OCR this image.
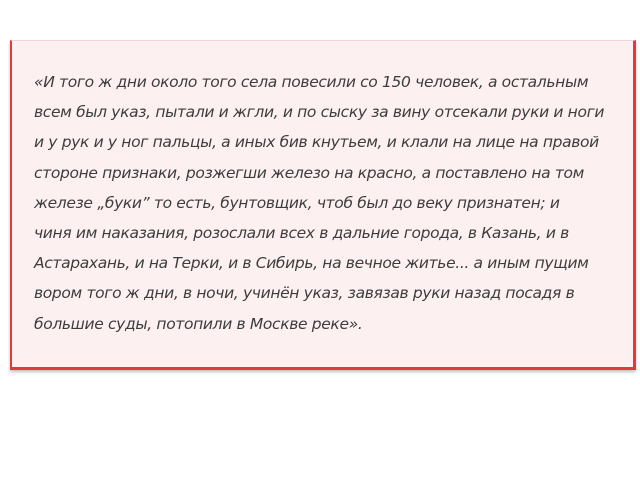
«И того ж дни около того села повесили со 150 человек, а остальным
всем был указ, пытали и жгли, и по сыску за вину отсекали руки и ноги
и у рук и у ног пальцы, а иных бив кнутьем, и клали на лице на правой
стороне признаки, розжегши железо на красно, а поставлено на том
железе „буки” то есть, бунтовщик, чтоб был до веку признатен; и
чиня им наказания, розослали всех в дальние города, в Казань, и в
Астарахань, и на Терки, и в Сибирь, на вечное житье... а иным пущим
вором того ж дни, в ночи, учинён указ, завязав руки назад посадя в
большие суды, потопили в Москве реке».
